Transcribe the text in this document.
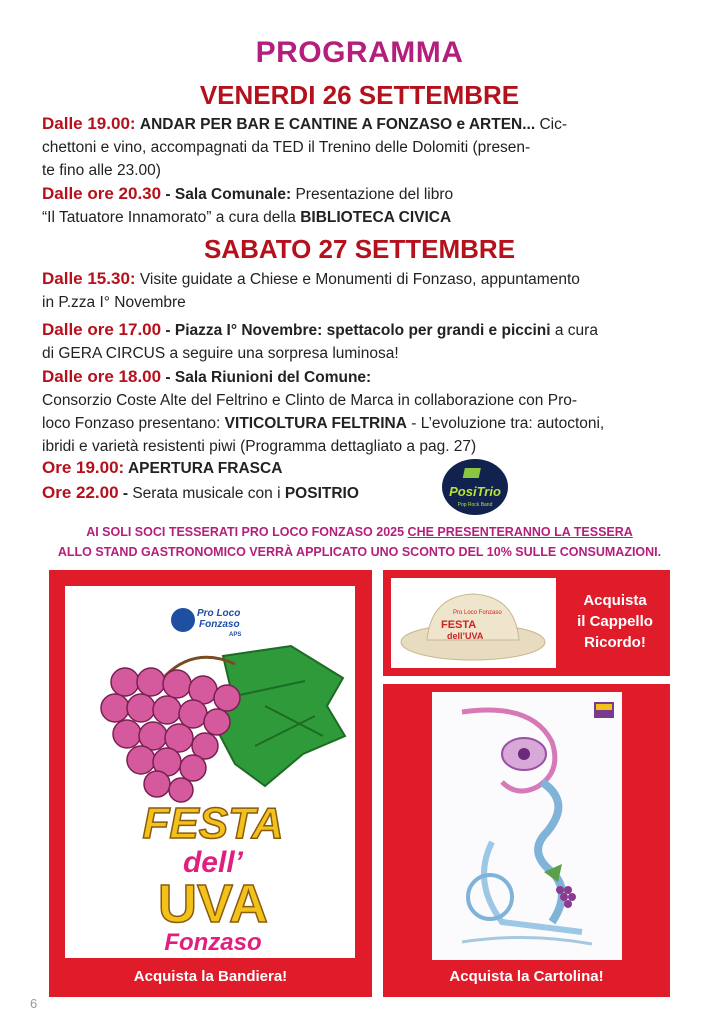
PROGRAMMA
VENERDI 26 SETTEMBRE
Dalle 19.00: ANDAR PER BAR E CANTINE A FONZASO e ARTEN... Cic-
chettoni e vino, accompagnati da TED il Trenino delle Dolomiti (presen-
te fino alle 23.00)
Dalle ore 20.30 - Sala Comunale: Presentazione del libro
“Il Tatuatore Innamorato” a cura della BIBLIOTECA CIVICA
SABATO 27 SETTEMBRE
Dalle 15.30: Visite guidate a Chiese e Monumenti di Fonzaso, appuntamento
in P.zza I° Novembre
Dalle ore 17.00 - Piazza I° Novembre: spettacolo per grandi e piccini a cura
di GERA CIRCUS a seguire una sorpresa luminosa!
Dalle ore 18.00 - Sala Riunioni del Comune:
Consorzio Coste Alte del Feltrino e Clinto de Marca in collaborazione con Pro-
loco Fonzaso presentano: VITICOLTURA FELTRINA - L’evoluzione tra: autoctoni,
ibridi e varietà resistenti piwi (Programma dettagliato a pag. 27)
Ore 19.00: APERTURA FRASCA
Ore 22.00 - Serata musicale con i POSITRIO	PosiTrio
Pop Rock Band
AI SOLI SOCI TESSERATI PRO LOCO FONZASO 2025 CHE PRESENTERANNO LA TESSERA
ALLO STAND GASTRONOMICO VERRÀ APPLICATO UNO SCONTO DEL 10% SULLE CONSUMAZIONI.
Pro Loco
Fonzaso
APS
FESTA
dell’
UVA
Fonzaso
Acquista la Bandiera!
Pro Loco Fonzaso
FESTA
dell’UVA
Acquista
il Cappello
Ricordo!
Acquista la Cartolina!
6
